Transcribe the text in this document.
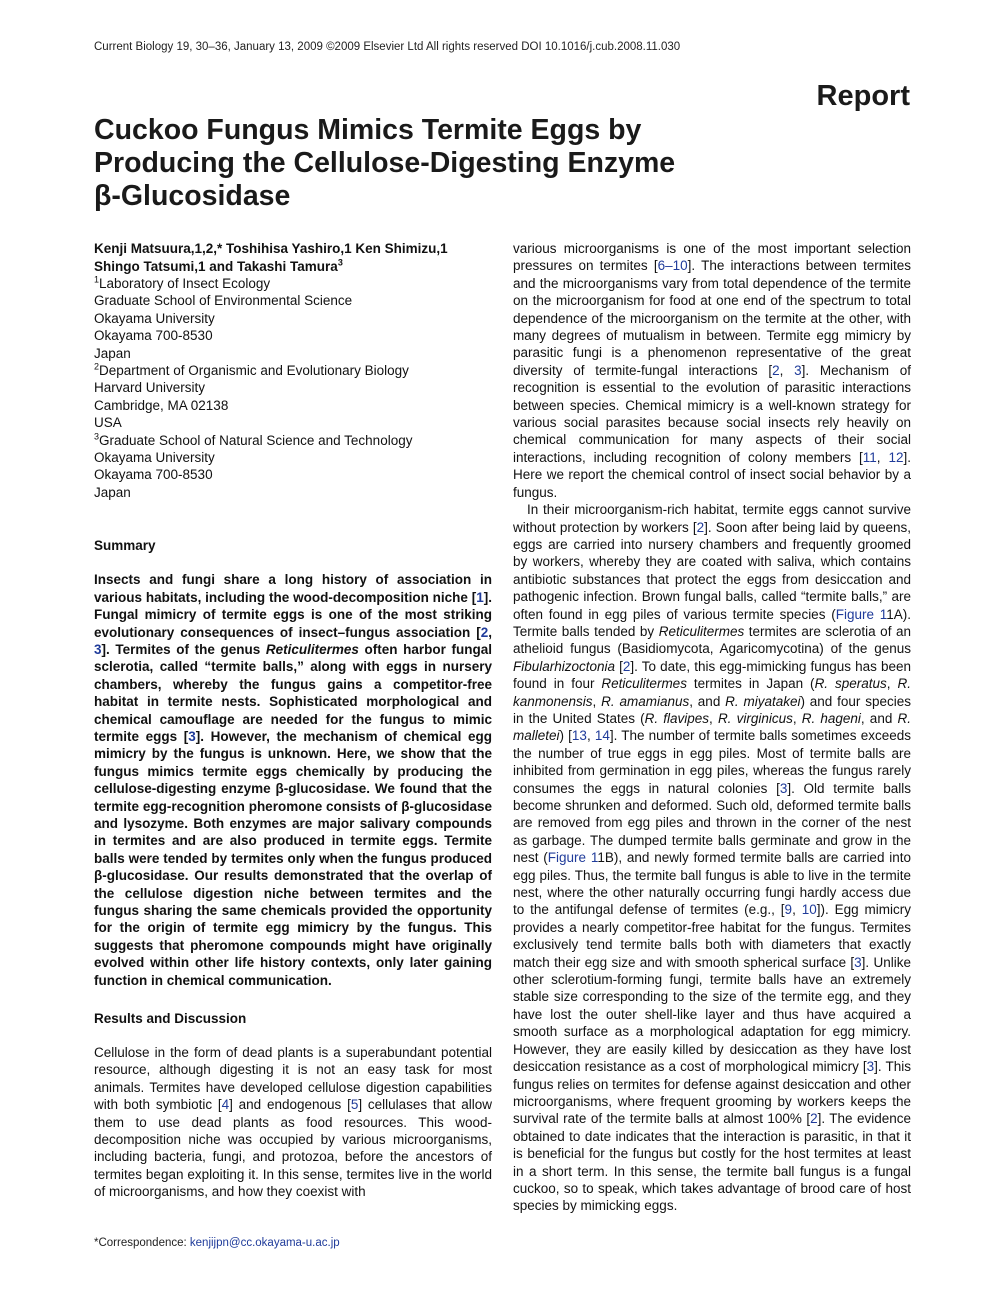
Current Biology 19, 30–36, January 13, 2009 ©2009 Elsevier Ltd All rights reserved DOI 10.1016/j.cub.2008.11.030
Report
Cuckoo Fungus Mimics Termite Eggs by Producing the Cellulose-Digesting Enzyme β-Glucosidase
Kenji Matsuura,1,2,* Toshihisa Yashiro,1 Ken Shimizu,1
Shingo Tatsumi,1 and Takashi Tamura$^3$
$^1$Laboratory of Insect Ecology
Graduate School of Environmental Science
Okayama University
Okayama 700-8530
Japan
$^2$Department of Organismic and Evolutionary Biology
Harvard University
Cambridge, MA 02138
USA
$^3$Graduate School of Natural Science and Technology
Okayama University
Okayama 700-8530
Japan
Summary

Insects and fungi share a long history of association in various habitats, including the wood-decomposition niche [1]. Fungal mimicry of termite eggs is one of the most striking evolutionary consequences of insect–fungus association [2, 3]. Termites of the genus Reticulitermes often harbor fungal sclerotia, called “termite balls,” along with eggs in nursery chambers, whereby the fungus gains a competitor-free habitat in termite nests. Sophisticated morphological and chemical camouflage are needed for the fungus to mimic termite eggs [3]. However, the mechanism of chemical egg mimicry by the fungus is unknown. Here, we show that the fungus mimics termite eggs chemically by producing the cellulose-digesting enzyme β-glucosidase. We found that the termite egg-recognition pheromone consists of β-glucosidase and lysozyme. Both enzymes are major salivary compounds in termites and are also produced in termite eggs. Termite balls were tended by termites only when the fungus produced β-glucosidase. Our results demonstrated that the overlap of the cellulose digestion niche between termites and the fungus sharing the same chemicals provided the opportunity for the origin of termite egg mimicry by the fungus. This suggests that pheromone compounds might have originally evolved within other life history contexts, only later gaining function in chemical communication.

Results and Discussion

Cellulose in the form of dead plants is a superabundant potential resource, although digesting it is not an easy task for most animals. Termites have developed cellulose digestion capabilities with both symbiotic [4] and endogenous [5] cellulases that allow them to use dead plants as food resources. This wood-decomposition niche was occupied by various microorganisms, including bacteria, fungi, and protozoa, before the ancestors of termites began exploiting it. In this sense, termites live in the world of microorganisms, and how they coexist with

various microorganisms is one of the most important selection pressures on termites [6–10]. The interactions between termites and the microorganisms vary from total dependence of the termite on the microorganism for food at one end of the spectrum to total dependence of the microorganism on the termite at the other, with many degrees of mutualism in between. Termite egg mimicry by parasitic fungi is a phenomenon representative of the great diversity of termite-fungal interactions [2, 3]. Mechanism of recognition is essential to the evolution of parasitic interactions between species. Chemical mimicry is a well-known strategy for various social parasites because social insects rely heavily on chemical communication for many aspects of their social interactions, including recognition of colony members [11, 12]. Here we report the chemical control of insect social behavior by a fungus.

In their microorganism-rich habitat, termite eggs cannot survive without protection by workers [2]. Soon after being laid by queens, eggs are carried into nursery chambers and frequently groomed by workers, whereby they are coated with saliva, which contains antibiotic substances that protect the eggs from desiccation and pathogenic infection. Brown fungal balls, called “termite balls,” are often found in egg piles of various termite species (Figure 11A). Termite balls tended by Reticulitermes termites are sclerotia of an athelioid fungus (Basidiomycota, Agaricomycotina) of the genus Fibularhizoctonia [2]. To date, this egg-mimicking fungus has been found in four Reticulitermes termites in Japan (R. speratus, R. kanmonensis, R. amamianus, and R. miyatakei) and four species in the United States (R. flavipes, R. virginicus, R. hageni, and R. malletei) [13, 14]. The number of termite balls sometimes exceeds the number of true eggs in egg piles. Most of termite balls are inhibited from germination in egg piles, whereas the fungus rarely consumes the eggs in natural colonies [3]. Old termite balls become shrunken and deformed. Such old, deformed termite balls are removed from egg piles and thrown in the corner of the nest as garbage. The dumped termite balls germinate and grow in the nest (Figure 11B), and newly formed termite balls are carried into egg piles. Thus, the termite ball fungus is able to live in the termite nest, where the other naturally occurring fungi hardly access due to the antifungal defense of termites (e.g., [9, 10]). Egg mimicry provides a nearly competitor-free habitat for the fungus. Termites exclusively tend termite balls both with diameters that exactly match their egg size and with smooth spherical surface [3]. Unlike other sclerotium-forming fungi, termite balls have an extremely stable size corresponding to the size of the termite egg, and they have lost the outer shell-like layer and thus have acquired a smooth surface as a morphological adaptation for egg mimicry. However, they are easily killed by desiccation as they have lost desiccation resistance as a cost of morphological mimicry [3]. This fungus relies on termites for defense against desiccation and other microorganisms, where frequent grooming by workers keeps the survival rate of the termite balls at almost 100% [2]. The evidence obtained to date indicates that the interaction is parasitic, in that it is beneficial for the fungus but costly for the host termites at least in a short term. In this sense, the termite ball fungus is a fungal cuckoo, so to speak, which takes advantage of brood care of host species by mimicking eggs.

*Correspondence: kenjijpn@cc.okayama-u.ac.jp
